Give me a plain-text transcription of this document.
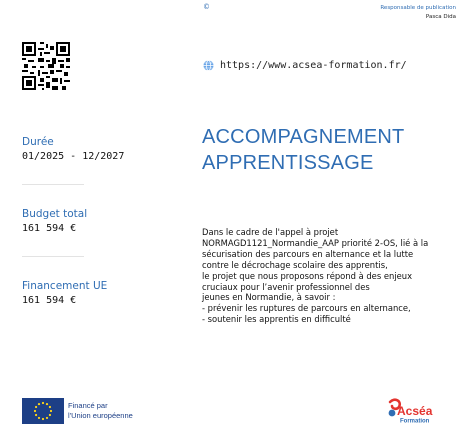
©	Responsable de publication
Pasca Dida
https://www.acsea-formation.fr/
Durée
01/2025 - 12/2027
Budget total
161 594 €
Financement UE
161 594 €
ACCOMPAGNEMENT
APPRENTISSAGE
Dans le cadre de l'appel à projet
NORMAGD1121_Normandie_AAP priorité 2-OS, lié à la
sécurisation des parcours en alternance et la lutte
contre le décrochage scolaire des apprentis,
le projet que nous proposons répond à des enjeux
cruciaux pour l’avenir professionnel des
jeunes en Normandie, à savoir :
- prévenir les ruptures de parcours en alternance,
- soutenir les apprentis en difficulté
Financé par
l'Union européenne	Acséa
Formation
